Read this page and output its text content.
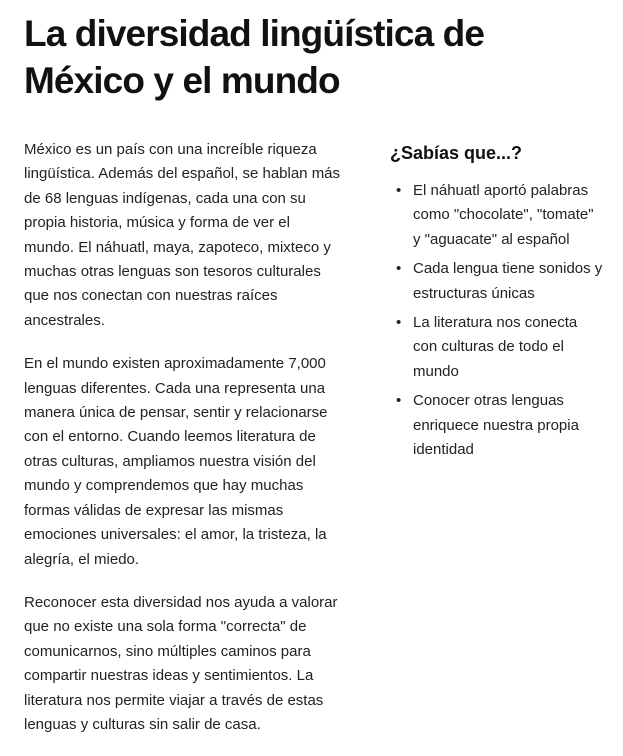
La diversidad lingüística de México y el mundo

México es un país con una increíble riqueza lingüística. Además del español, se hablan más de 68 lenguas indígenas, cada una con su propia historia, música y forma de ver el mundo. El náhuatl, maya, zapoteco, mixteco y muchas otras lenguas son tesoros culturales que nos conectan con nuestras raíces ancestrales.

En el mundo existen aproximadamente 7,000 lenguas diferentes. Cada una representa una manera única de pensar, sentir y relacionarse con el entorno. Cuando leemos literatura de otras culturas, ampliamos nuestra visión del mundo y comprendemos que hay muchas formas válidas de expresar las mismas emociones universales: el amor, la tristeza, la alegría, el miedo.

Reconocer esta diversidad nos ayuda a valorar que no existe una sola forma "correcta" de comunicarnos, sino múltiples caminos para compartir nuestras ideas y sentimientos. La literatura nos permite viajar a través de estas lenguas y culturas sin salir de casa.

¿Sabías que...?
• El náhuatl aportó palabras como "chocolate", "tomate" y "aguacate" al español
• Cada lengua tiene sonidos y estructuras únicas
• La literatura nos conecta con culturas de todo el mundo
• Conocer otras lenguas enriquece nuestra propia identidad
